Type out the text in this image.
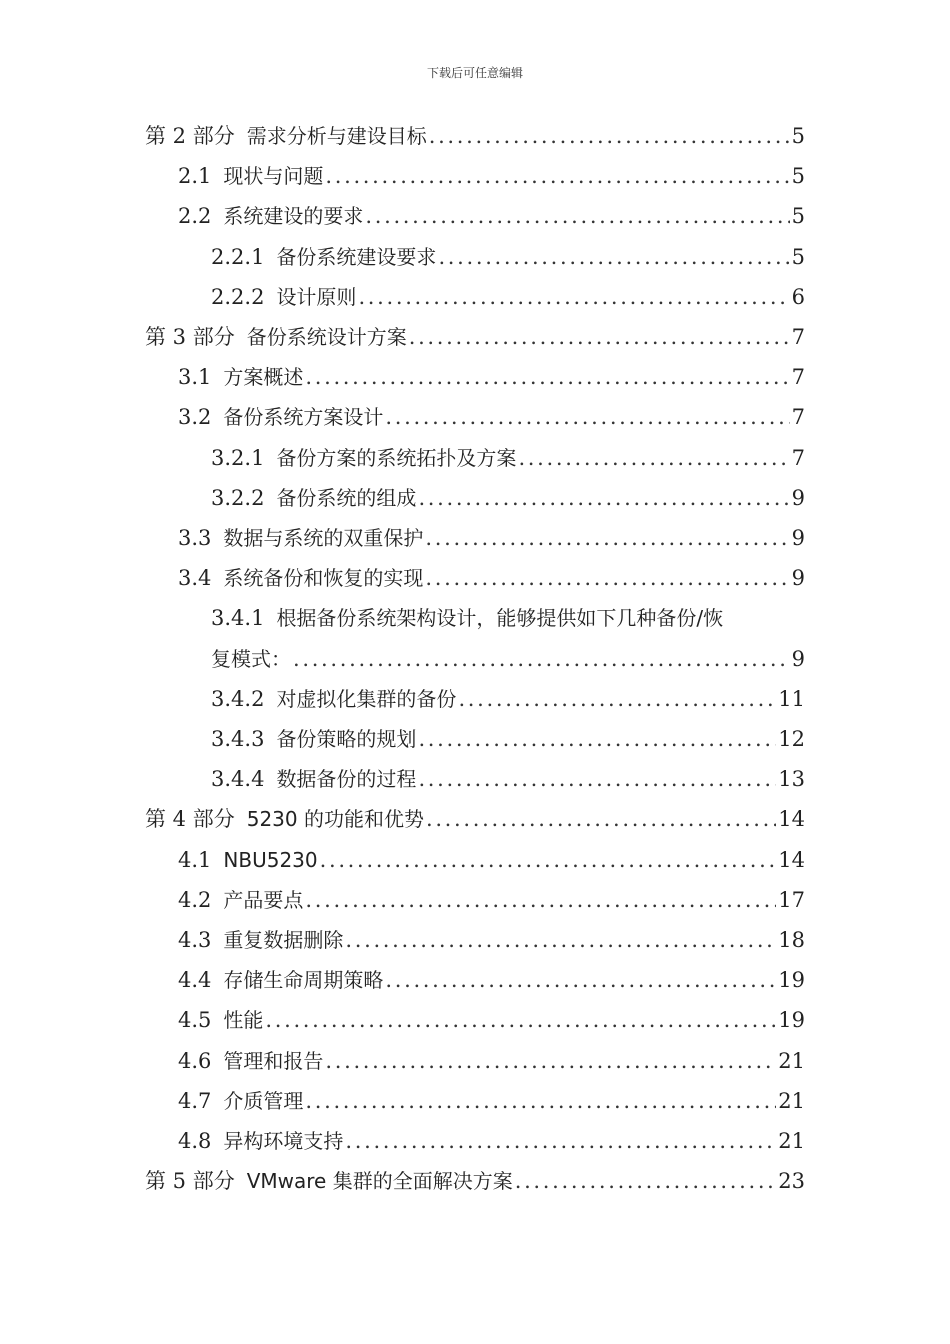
下载后可任意编辑
第 2 部分 需求分析与建设目标 . . .	5
2.1 现状与问题 . . .	5
2.2 系统建设的要求 . . .	5
2.2.1 备份系统建设要求 . . .	5
2.2.2 设计原则 . . .	6
第 3 部分 备份系统设计方案 . . .	7
3.1 方案概述 . . .	7
3.2 备份系统方案设计 . . .	7
3.2.1 备份方案的系统拓扑及方案 . . .	7
3.2.2 备份系统的组成 . . .	9
3.3 数据与系统的双重保护 . . .	9
3.4 系统备份和恢复的实现 . . .	9
3.4.1 根据备份系统架构设计，能够提供如下几种备份/恢
复模式： . . .	9
3.4.2 对虚拟化集群的备份 . . .	11
3.4.3 备份策略的规划 . . .	12
3.4.4 数据备份的过程 . . .	13
第 4 部分 5230 的功能和优势 . . .	14
4.1 NBU5230 . . .	14
4.2 产品要点 . . .	17
4.3 重复数据删除 . . .	18
4.4 存储生命周期策略 . . .	19
4.5 性能 . . .	19
4.6 管理和报告 . . .	21
4.7 介质管理 . . .	21
4.8 异构环境支持 . . .	21
第 5 部分 VMware 集群的全面解决方案 . . .	23
